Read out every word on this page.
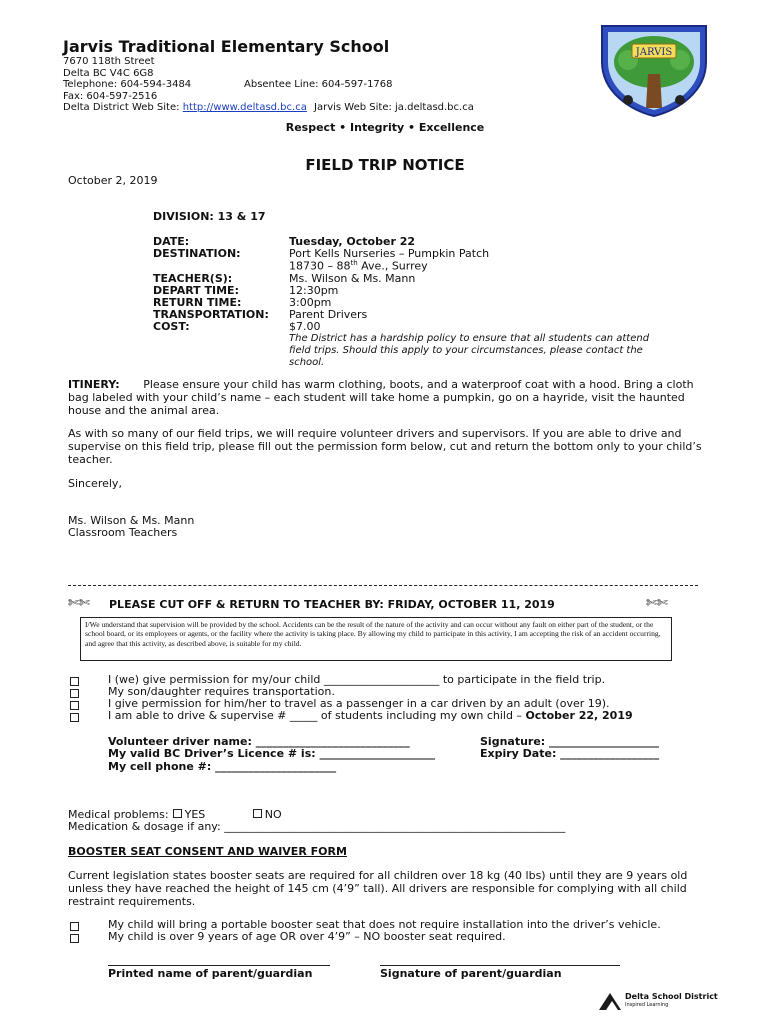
Jarvis Traditional Elementary School
7670 118th Street
Delta BC V4C 6G8
Telephone: 604-594-3484	Absentee Line: 604-597-1768
Fax: 604-597-2516
Delta District Web Site: http://www.deltasd.bc.ca Jarvis Web Site: ja.deltasd.bc.ca
JARVIS
Respect • Integrity • Excellence
FIELD TRIP NOTICE
October 2, 2019
DIVISION: 13 & 17
DATE:	Tuesday, October 22
DESTINATION:	Port Kells Nurseries – Pumpkin Patch
18730 – 88th Ave., Surrey
TEACHER(S):	Ms. Wilson & Ms. Mann
DEPART TIME:	12:30pm
RETURN TIME:	3:00pm
TRANSPORTATION: Parent Drivers
COST:	$7.00
The District has a hardship policy to ensure that all students can attend field trips. Should this apply to your circumstances, please contact the school.
ITINERY: Please ensure your child has warm clothing, boots, and a waterproof coat with a hood. Bring a cloth bag labeled with your child’s name – each student will take home a pumpkin, go on a hayride, visit the haunted house and the animal area.
As with so many of our field trips, we will require volunteer drivers and supervisors. If you are able to drive and supervise on this field trip, please fill out the permission form below, cut and return the bottom only to your child’s teacher.
Sincerely,
Ms. Wilson & Ms. Mann
Classroom Teachers
✄✄ PLEASE CUT OFF & RETURN TO TEACHER BY: FRIDAY, OCTOBER 11, 2019	✄✄
I/We understand that supervision will be provided by the school. Accidents can be the result of the nature of the activity and can occur without any fault on either part of the student, or the school board, or its employees or agents, or the facility where the activity is taking place. By allowing my child to participate in this activity, I am accepting the risk of an accident occurring, and agree that this activity, as described above, is suitable for my child.
I (we) give permission for my/our child _____________________ to participate in the field trip.
My son/daughter requires transportation.
I give permission for him/her to travel as a passenger in a car driven by an adult (over 19).
I am able to drive & supervise # _____ of students including my own child – October 22, 2019
Volunteer driver name: ____________________________	Signature: ____________________
My valid BC Driver’s Licence # is: _____________________	Expiry Date: __________________
My cell phone #: ______________________
Medical problems: YES	NO
Medication & dosage if any: ______________________________________________________________
BOOSTER SEAT CONSENT AND WAIVER FORM
Current legislation states booster seats are required for all children over 18 kg (40 lbs) until they are 9 years old unless they have reached the height of 145 cm (4’9” tall). All drivers are responsible for complying with all child restraint requirements.
My child will bring a portable booster seat that does not require installation into the driver’s vehicle.
My child is over 9 years of age OR over 4’9” – NO booster seat required.
Printed name of parent/guardian	Signature of parent/guardian
Delta School District
Inspired Learning
